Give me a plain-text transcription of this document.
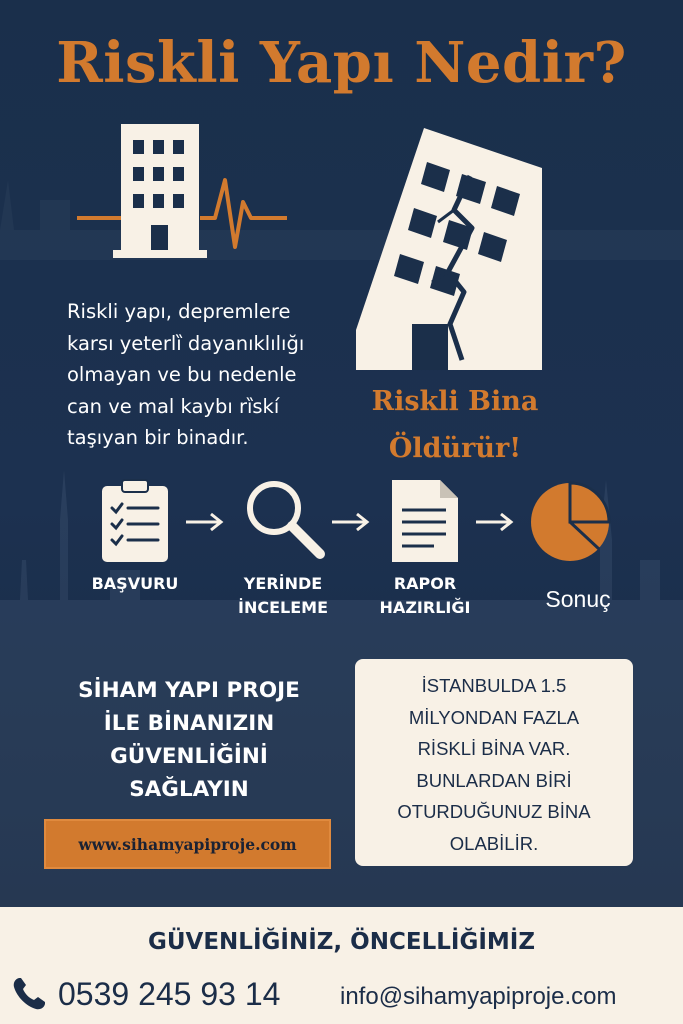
Riskli Yapı Nedir?
Riskli yapı, depremlere
karsı yeterlȉ dayanıklılığı
olmayan ve bu nedenle
can ve mal kaybı rȉskí
taşıyan bir binadır.
Riskli Bina
Öldürür!
BAŞVURU	YERİNDE
İNCELEME
RAPOR
HAZIRLIĞI	Sonuç
SİHAM YAPI PROJE
İLE BİNANIZIN
GÜVENLİĞİNİ
SAĞLAYIN
www.sihamyapiproje.com
İSTANBULDA 1.5
MİLYONDAN FAZLA
RİSKLİ BİNA VAR.
BUNLARDAN BİRİ
OTURDUĞUNUZ BİNA
OLABİLİR.
GÜVENLİĞİNİZ, ÖNCELLİĞİMİZ
0539 245 93 14 info@sihamyapiproje.com
